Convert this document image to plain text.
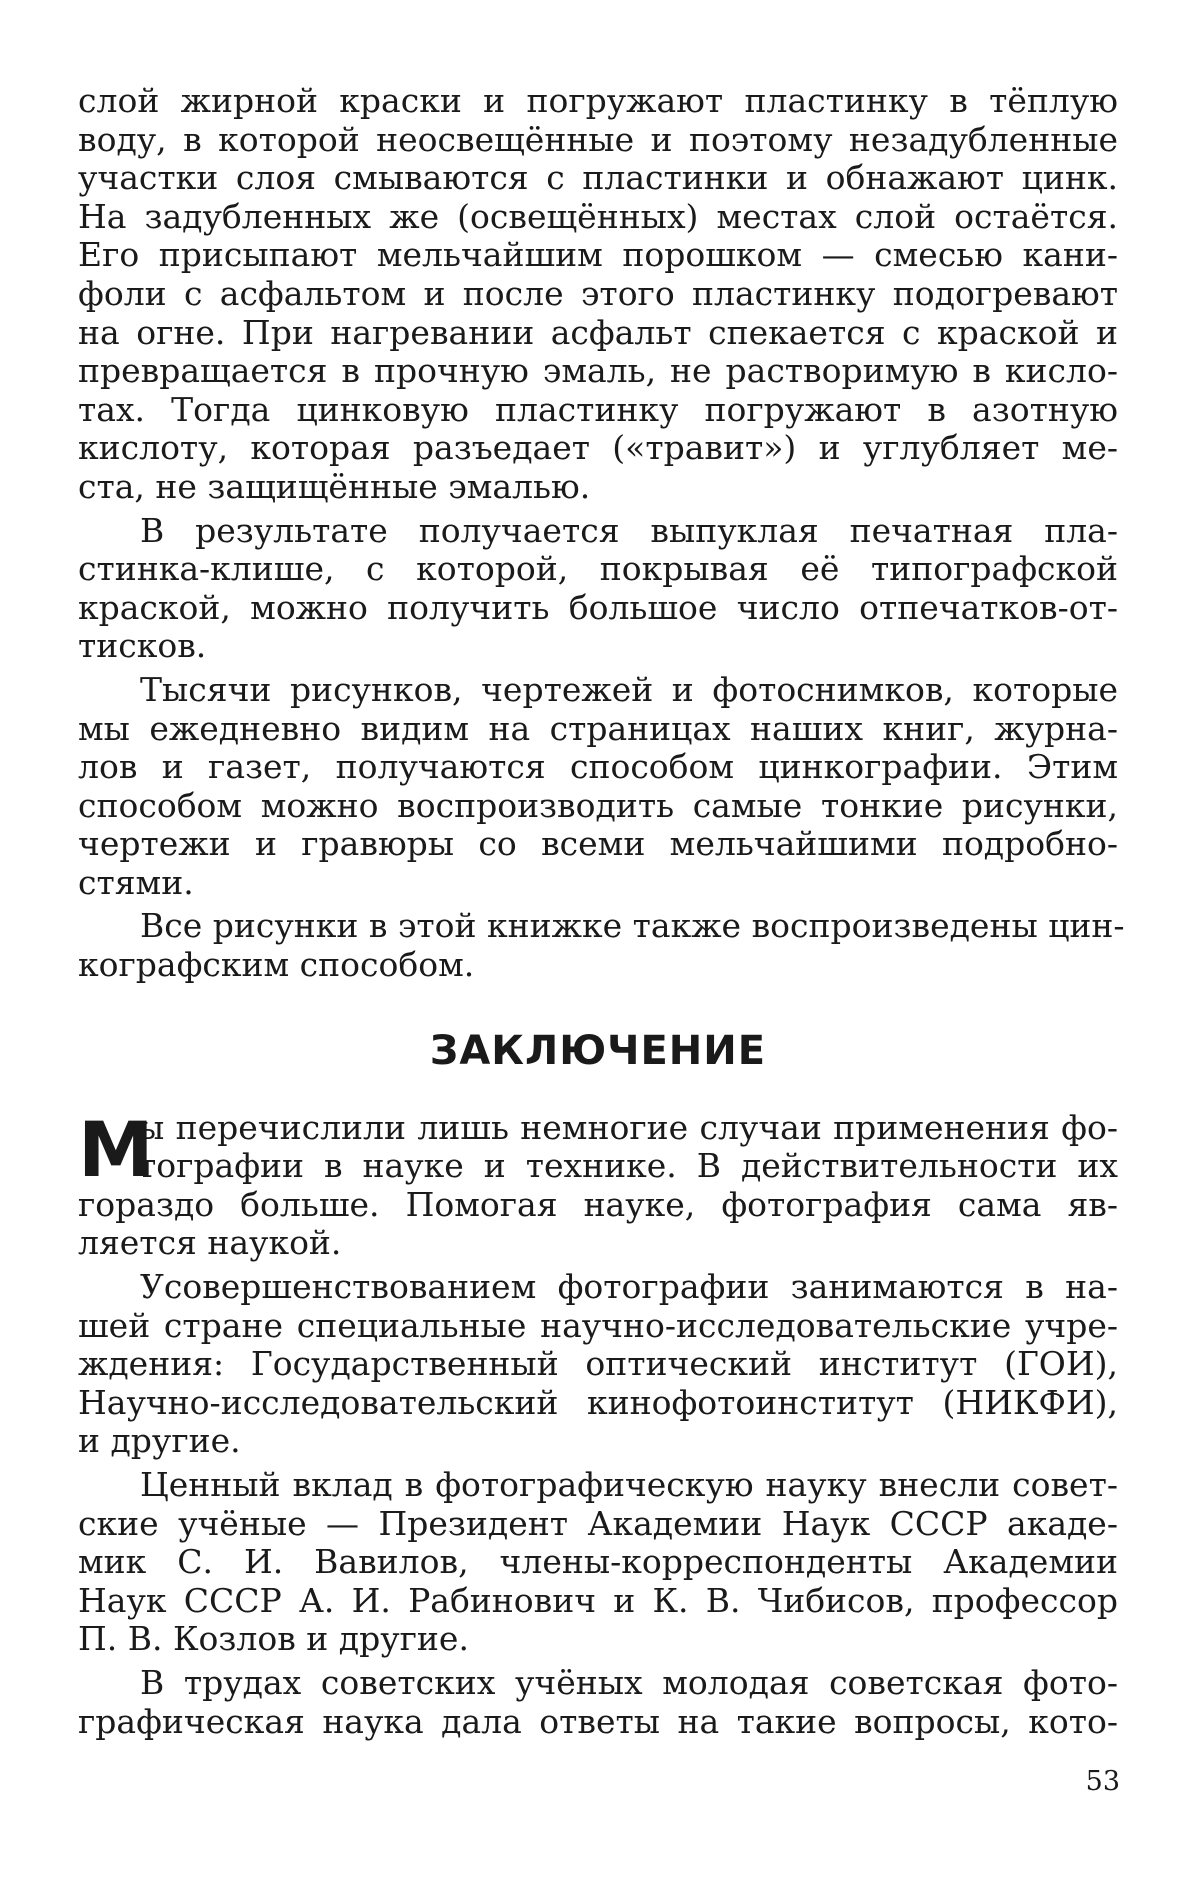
слой жирной краски и погружают пластинку в тёплую
воду, в которой неосвещённые и поэтому незадубленные
участки слоя смываются с пластинки и обнажают цинк.
На задубленных же (освещённых) местах слой остаётся.
Его присыпают мельчайшим порошком — смесью кани-
фоли с асфальтом и после этого пластинку подогревают
на огне. При нагревании асфальт спекается с краской и
превращается в прочную эмаль, не растворимую в кисло-
тах. Тогда цинковую пластинку погружают в азотную
кислоту, которая разъедает («травит») и углубляет ме-
ста, не защищённые эмалью.
В результате получается выпуклая печатная пла-
стинка-клише, с которой, покрывая её типографской
краской, можно получить большое число отпечатков-от-
тисков.
Тысячи рисунков, чертежей и фотоснимков, которые
мы ежедневно видим на страницах наших книг, журна-
лов и газет, получаются способом цинкографии. Этим
способом можно воспроизводить самые тонкие рисунки,
чертежи и гравюры со всеми мельчайшими подробно-
стями.
Все рисунки в этой книжке также воспроизведены цин-
кографским способом.
ЗАКЛЮЧЕНИЕ
М
ы перечислили лишь немногие случаи применения фо-
тографии в науке и технике. В действительности их
гораздо больше. Помогая науке, фотография сама яв-
ляется наукой.
Усовершенствованием фотографии занимаются в на-
шей стране специальные научно-исследовательские учре-
ждения: Государственный оптический институт (ГОИ),
Научно-исследовательский кинофотоинститут (НИКФИ),
и другие.
Ценный вклад в фотографическую науку внесли совет-
ские учёные — Президент Академии Наук СССР акаде-
мик С. И. Вавилов, члены-корреспонденты Академии
Наук СССР А. И. Рабинович и К. В. Чибисов, профессор
П. В. Козлов и другие.
В трудах советских учёных молодая советская фото-
графическая наука дала ответы на такие вопросы, кото-
53
